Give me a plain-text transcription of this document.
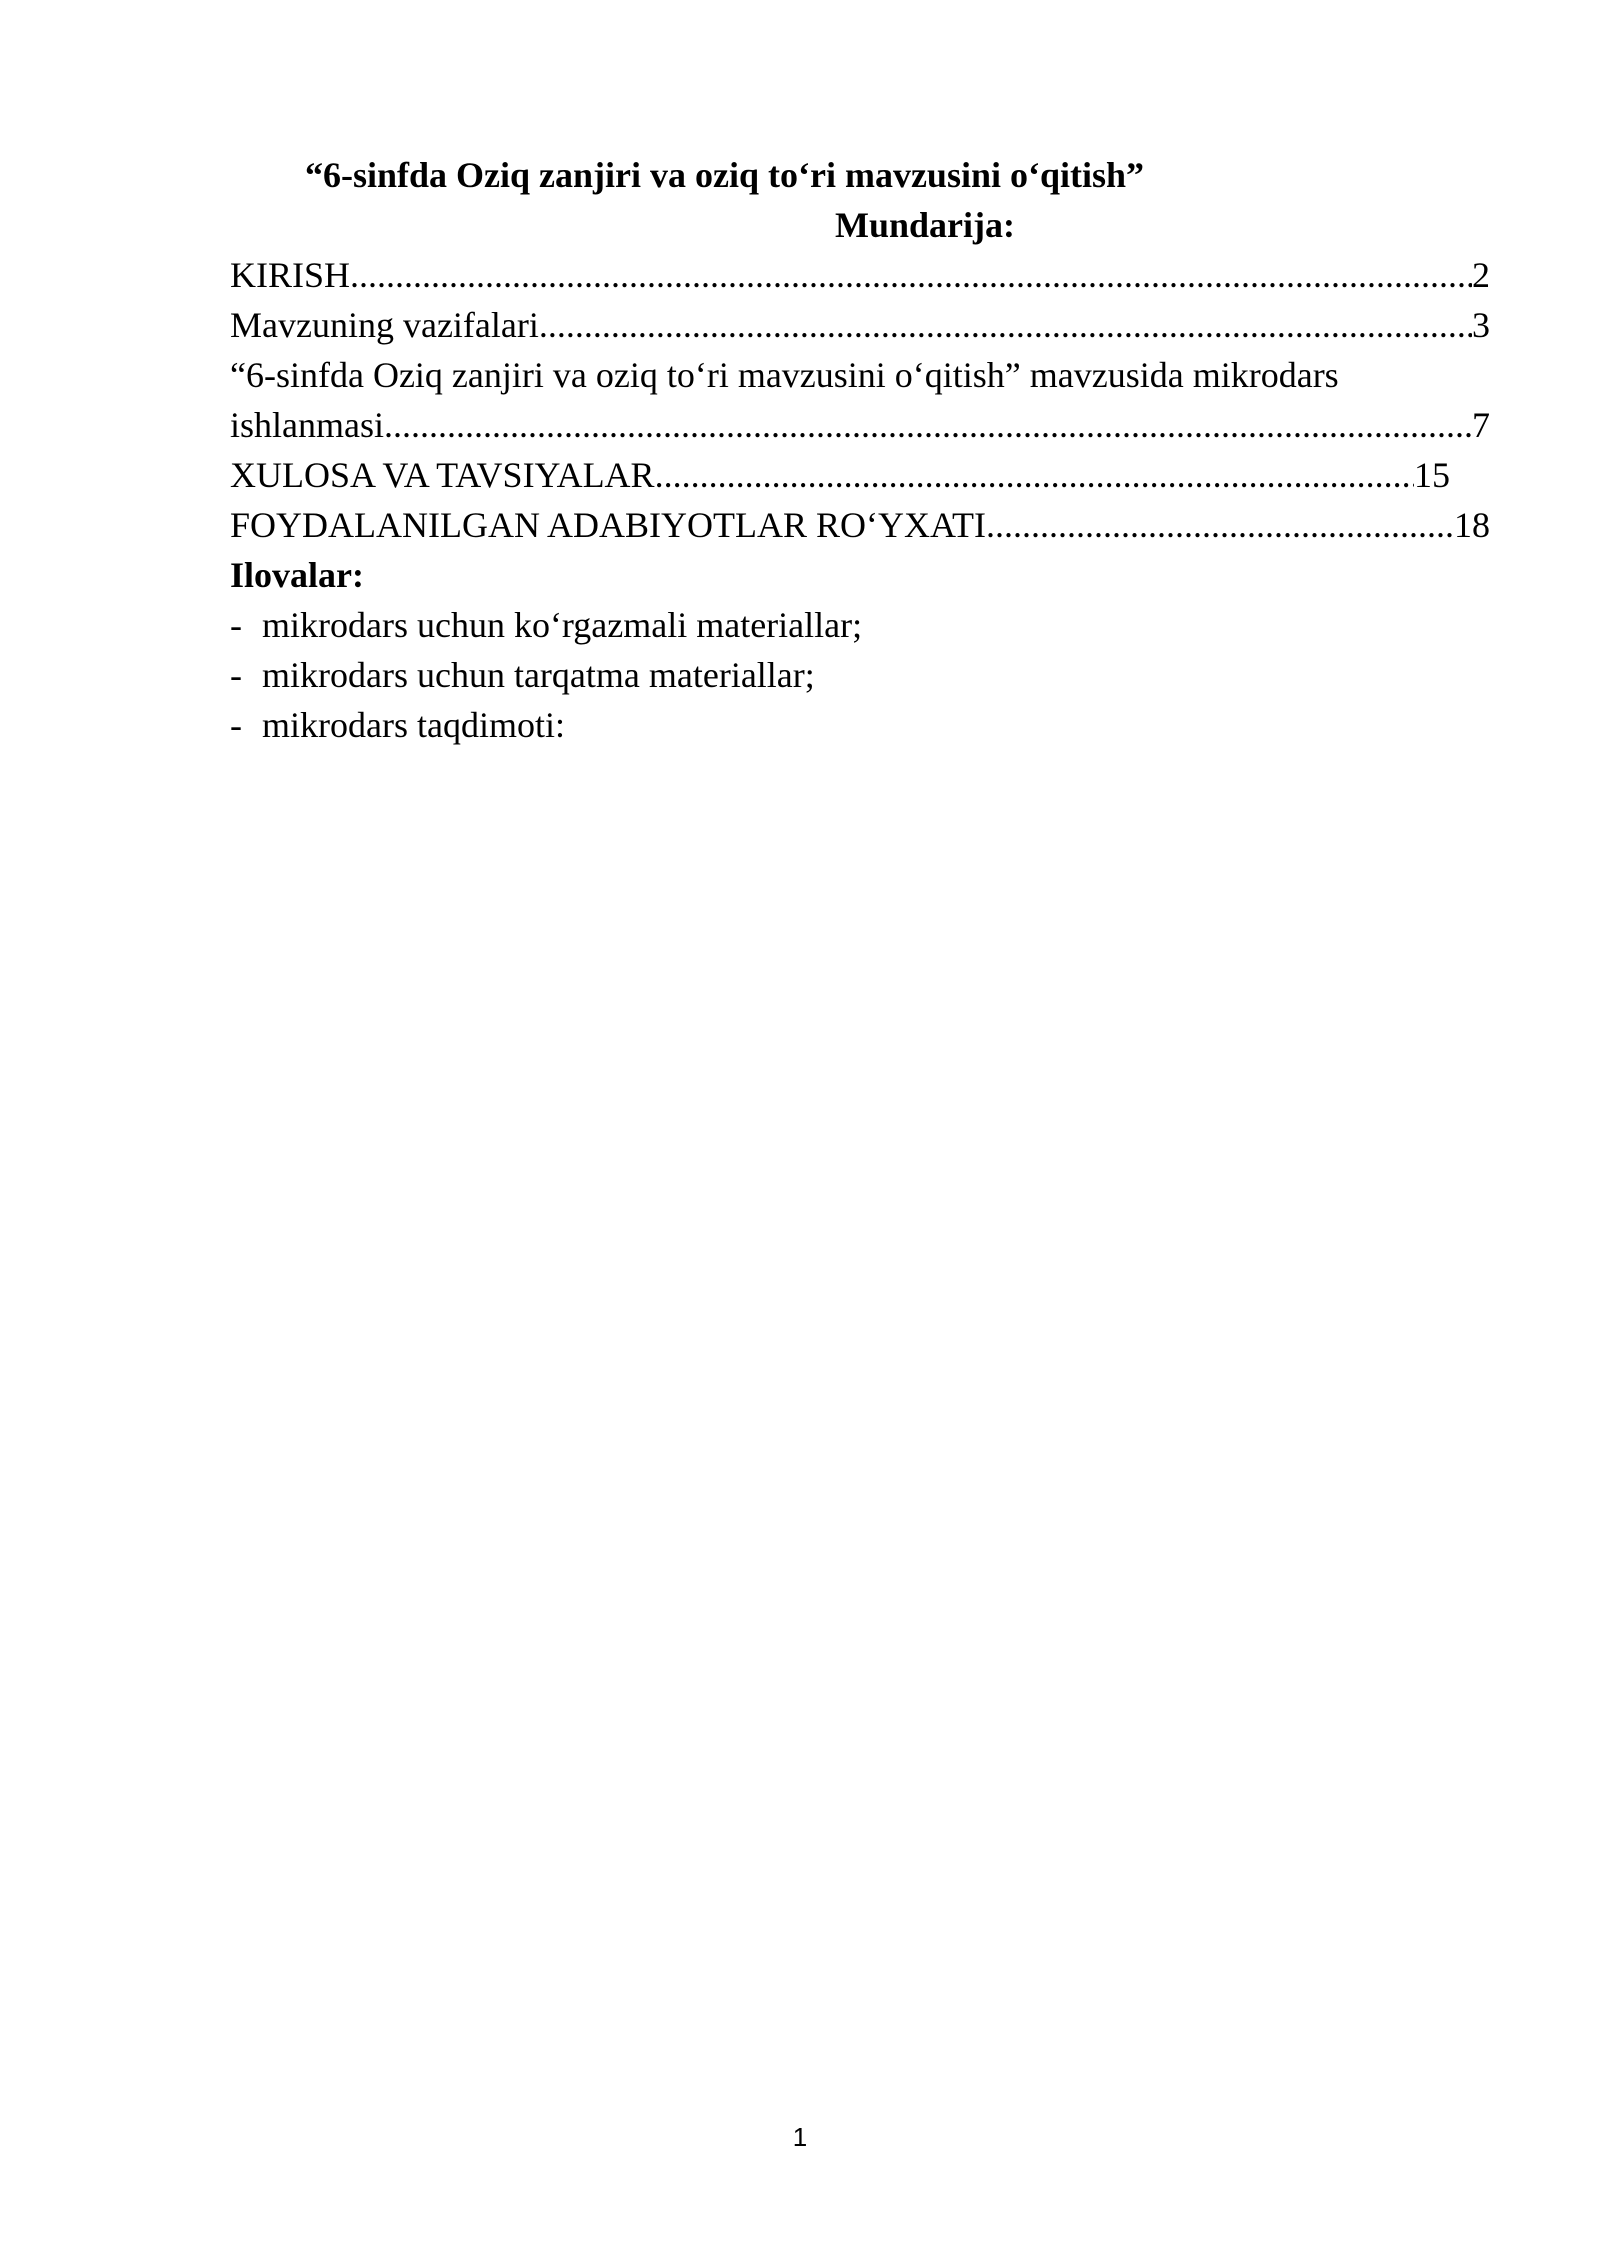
“6-sinfda Oziq zanjiri va oziq to‘ri mavzusini o‘qitish”

Mundarija:

KIRISH .....	2
Mavzuning vazifalari .....	3
“6-sinfda Oziq zanjiri va oziq to‘ri mavzusini o‘qitish” mavzusida mikrodars
ishlanmasi .....	7
XULOSA VA TAVSIYALAR .....	15
FOYDALANILGAN ADABIYOTLAR RO‘YXATI .....	18
Ilovalar:
- mikrodars uchun ko‘rgazmali materiallar;
- mikrodars uchun tarqatma materiallar;
- mikrodars taqdimoti:
1
